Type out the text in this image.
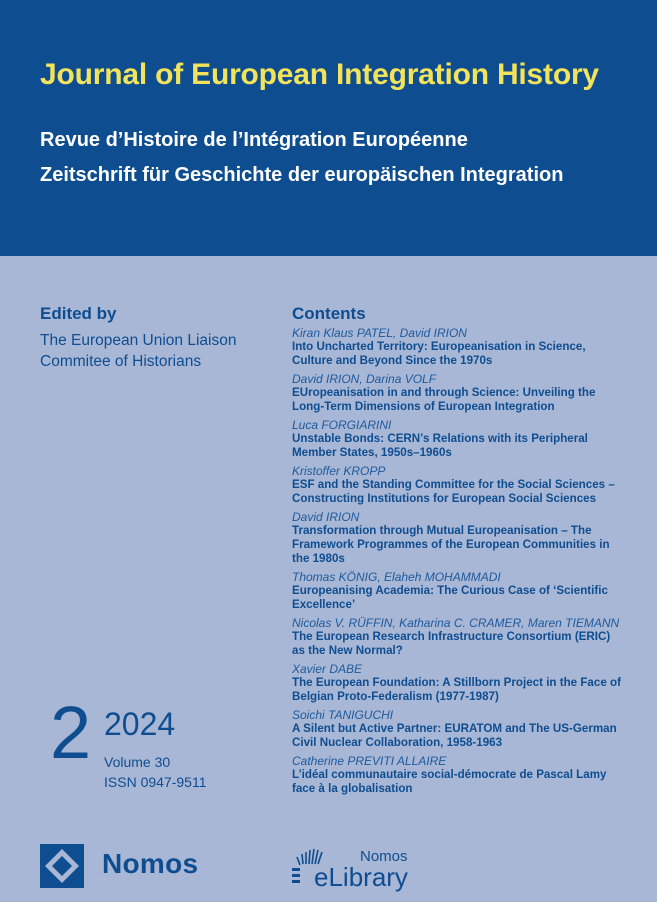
Journal of European Integration History
Revue d’Histoire de l’Intégration Européenne
Zeitschrift für Geschichte der europäischen Integration
Edited by
The European Union Liaison
Commitee of Historians
Contents
Kiran Klaus PATEL, David IRION
Into Uncharted Territory: Europeanisation in Science, Culture and Beyond Since the 1970s
David IRION, Darina VOLF
EUropeanisation in and through Science: Unveiling the Long-Term Dimensions of European Integration
Luca FORGIARINI
Unstable Bonds: CERN’s Relations with its Peripheral Member States, 1950s–1960s
Kristoffer KROPP
ESF and the Standing Committee for the Social Sciences – Constructing Institutions for European Social Sciences
David IRION
Transformation through Mutual Europeanisation – The Framework Programmes of the European Communities in the 1980s
Thomas KÖNIG, Elaheh MOHAMMADI
Europeanising Academia: The Curious Case of ‘Scientific Excellence’
Nicolas V. RÜFFIN, Katharina C. CRAMER, Maren TIEMANN
The European Research Infrastructure Consortium (ERIC) as the New Normal?
Xavier DABE
The European Foundation: A Stillborn Project in the Face of Belgian Proto-Federalism (1977-1987)
Soichi TANIGUCHI
A Silent but Active Partner: EURATOM and The US-German Civil Nuclear Collaboration, 1958-1963
Catherine PREVITI ALLAIRE
L’idéal communautaire social-démocrate de Pascal Lamy face à la globalisation
2 2024
Volume 30
ISSN 0947-9511
Nomos	Nomos
eLibrary
